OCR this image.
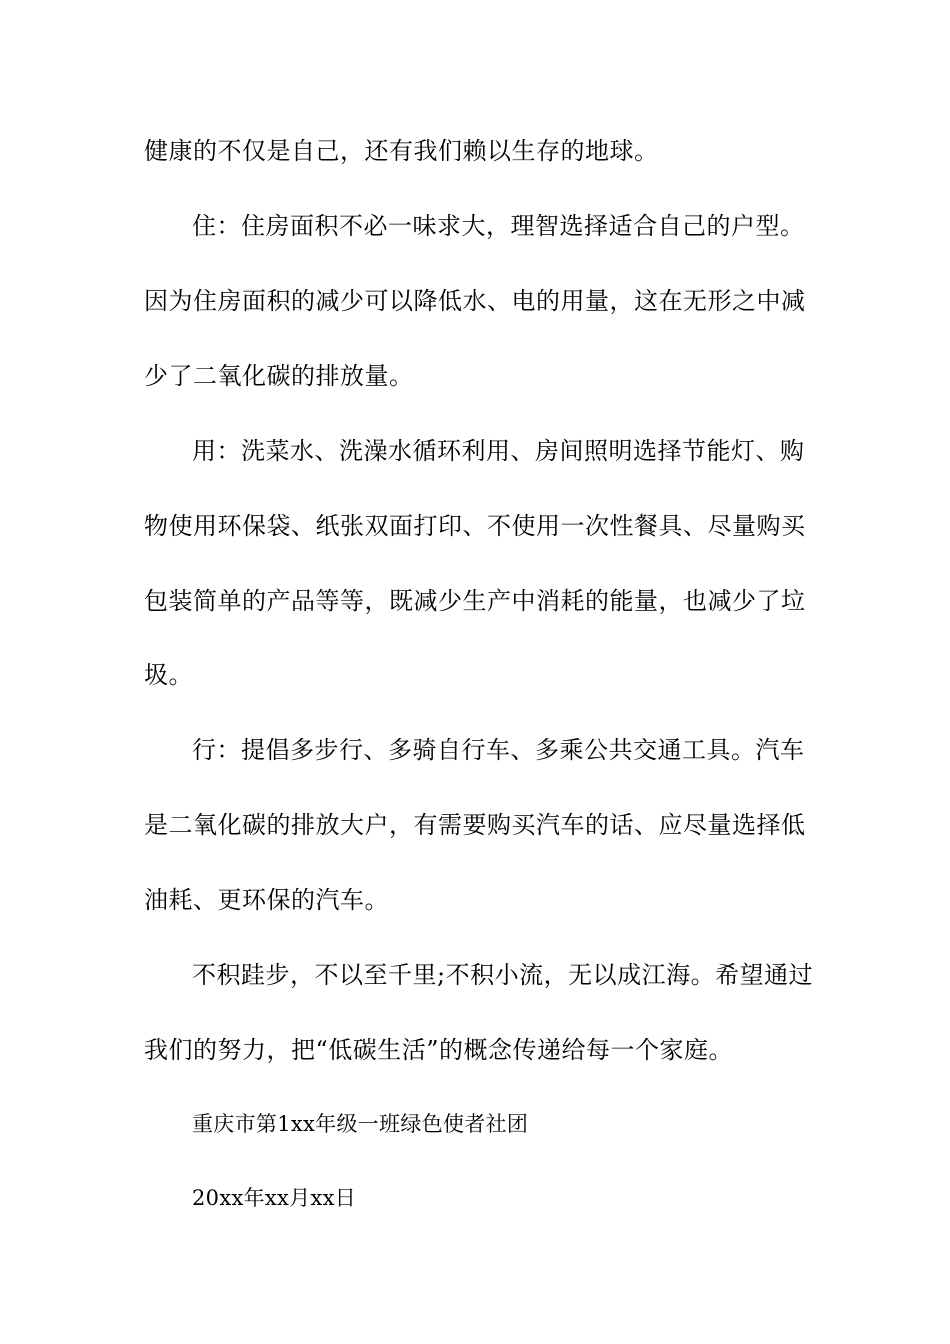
健康的不仅是自己，还有我们赖以生存的地球。
住：住房面积不必一味求大，理智选择适合自己的户型。
因为住房面积的减少可以降低水、电的用量，这在无形之中减
少了二氧化碳的排放量。
用：洗菜水、洗澡水循环利用、房间照明选择节能灯、购
物使用环保袋、纸张双面打印、不使用一次性餐具、尽量购买
包装简单的产品等等，既减少生产中消耗的能量，也减少了垃
圾。
行：提倡多步行、多骑自行车、多乘公共交通工具。汽车
是二氧化碳的排放大户，有需要购买汽车的话、应尽量选择低
油耗、更环保的汽车。
不积跬步，不以至千里;不积小流，无以成江海。希望通过
我们的努力，把“低碳生活”的概念传递给每一个家庭。
重庆市第1xx年级一班绿色使者社团
20xx年xx月xx日
